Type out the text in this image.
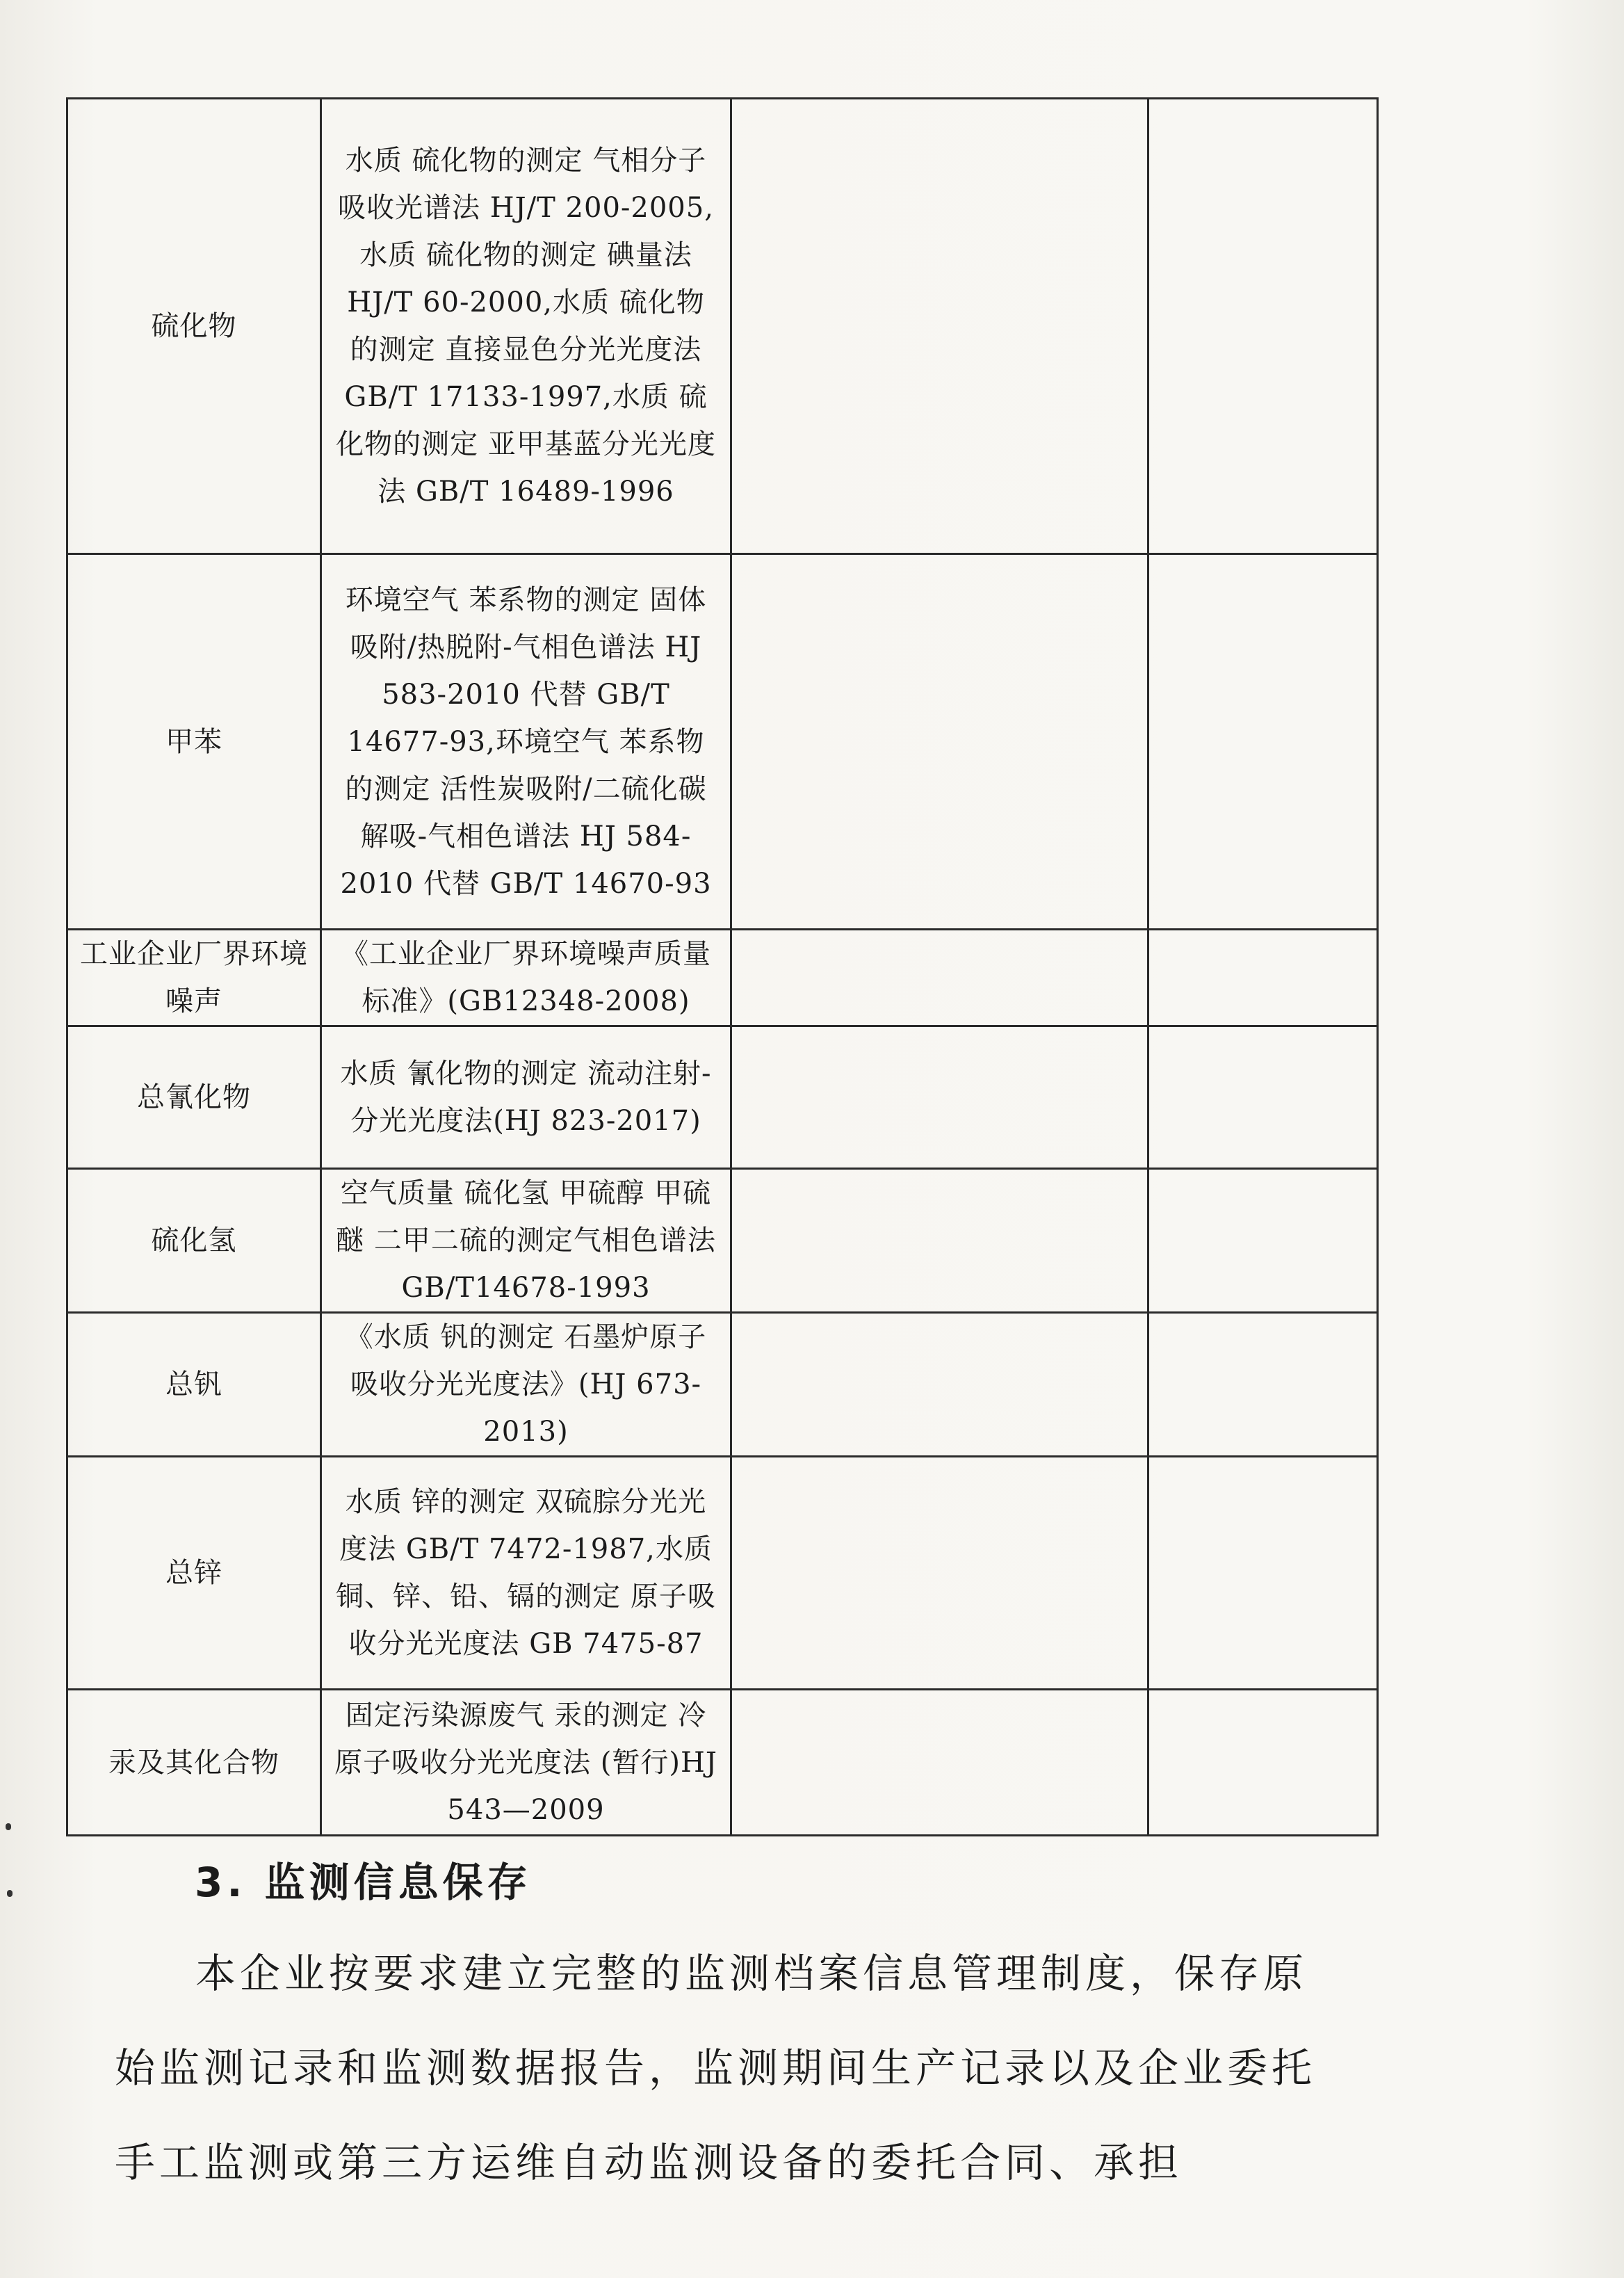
硫化物	水质 硫化物的测定 气相分子吸收光谱法 HJ/T 200-2005,水质 硫化物的测定 碘量法 HJ/T 60-2000,水质 硫化物的测定 直接显色分光光度法 GB/T 17133-1997,水质 硫化物的测定 亚甲基蓝分光光度法 GB/T 16489-1996		
甲苯	环境空气 苯系物的测定 固体吸附/热脱附-气相色谱法 HJ 583-2010 代替 GB/T 14677-93,环境空气 苯系物的测定 活性炭吸附/二硫化碳解吸-气相色谱法 HJ 584-2010 代替 GB/T 14670-93		
工业企业厂界环境噪声	《工业企业厂界环境噪声质量标准》(GB12348-2008)		
总氰化物	水质 氰化物的测定 流动注射-分光光度法(HJ 823-2017)		
硫化氢	空气质量 硫化氢 甲硫醇 甲硫醚 二甲二硫的测定气相色谱法 GB/T14678-1993		
总钒	《水质 钒的测定 石墨炉原子吸收分光光度法》(HJ 673-2013)		
总锌	水质 锌的测定 双硫腙分光光度法 GB/T 7472-1987,水质 铜、锌、铅、镉的测定 原子吸收分光光度法 GB 7475-87		
汞及其化合物	固定污染源废气 汞的测定 冷原子吸收分光光度法 (暂行)HJ 543—2009		
3. 监测信息保存
本企业按要求建立完整的监测档案信息管理制度，保存原始监测记录和监测数据报告，监测期间生产记录以及企业委托手工监测或第三方运维自动监测设备的委托合同、承担
